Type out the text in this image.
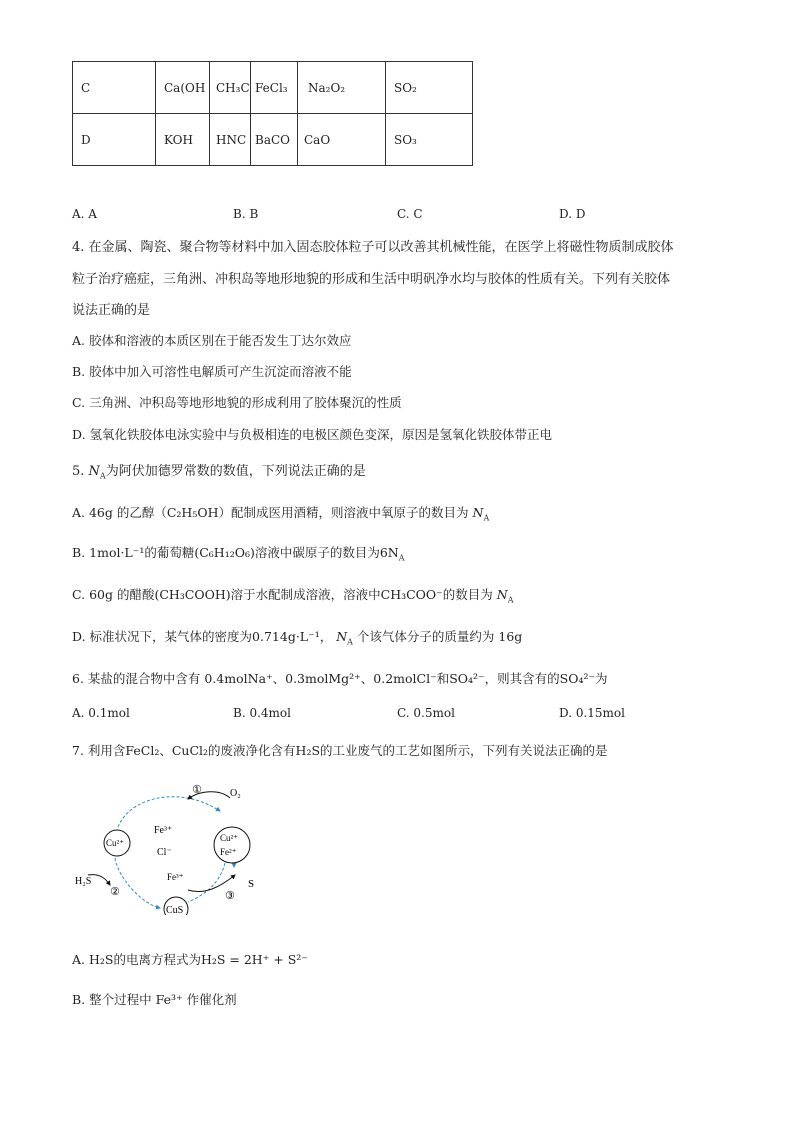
C	Ca(OH	CH₃C	FeCl₃	Na₂O₂	SO₂

D	KOH	HNC	BaCO	CaO	SO₃
A. A	B. B	C. C	D. D
4. 在金属、陶瓷、聚合物等材料中加入固态胶体粒子可以改善其机械性能，在医学上将磁性物质制成胶体
粒子治疗癌症，三角洲、冲积岛等地形地貌的形成和生活中明矾净水均与胶体的性质有关。下列有关胶体
说法正确的是
A. 胶体和溶液的本质区别在于能否发生丁达尔效应
B. 胶体中加入可溶性电解质可产生沉淀而溶液不能
C. 三角洲、冲积岛等地形地貌的形成利用了胶体聚沉的性质
D. 氢氧化铁胶体电泳实验中与负极相连的电极区颜色变深，原因是氢氧化铁胶体带正电
5. $N_A$为阿伏加德罗常数的数值，下列说法正确的是
A. 46g 的乙醇（C₂H₅OH）配制成医用酒精，则溶液中氧原子的数目为 $N_A$
B. 1mol·L⁻¹的葡萄糖(C₆H₁₂O₆)溶液中碳原子的数目为$6N_A$
C. 60g 的醋酸(CH₃COOH)溶于水配制成溶液，溶液中CH₃COO⁻的数目为 $N_A$
D. 标准状况下，某气体的密度为0.714g·L⁻¹， $N_A$ 个该气体分子的质量约为 16g
6. 某盐的混合物中含有 0.4molNa⁺、0.3molMg²⁺、0.2molCl⁻和SO₄²⁻，则其含有的SO₄²⁻为
A. 0.1mol	B. 0.4mol	C. 0.5mol	D. 0.15mol
7. 利用含FeCl₂、CuCl₂的废液净化含有H₂S的工业废气的工艺如图所示，下列有关说法正确的是
①	O₂
Cu²⁺
Fe³⁺
Cl⁻
Cu²⁺
Fe²⁺
H₂S
②
Fe³⁺
S
③
CuS
A. H₂S的电离方程式为H₂S = 2H⁺ + S²⁻
B. 整个过程中 Fe³⁺ 作催化剂
